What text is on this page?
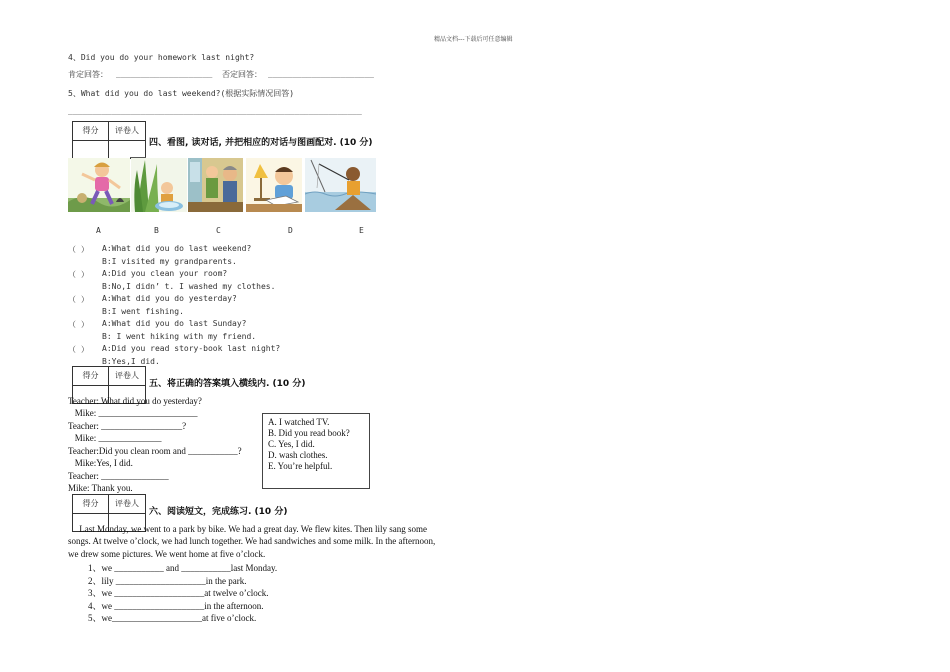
精品文档---下载后可任意编辑
4、Did you do your homework last night?
肯定回答： ____________________ 否定回答： ______________________
5、What did you do last weekend?(根据实际情况回答)
_____________________________________________________________
得分	评卷人
四、看图, 读对话, 并把相应的对话与图画配对. (10 分)
A	B	C	D	E
（ ） A:What did you do last weekend?
B:I visited my grandparents.
（ ） A:Did you clean your room?
B:No,I didn’ t. I washed my clothes.
（ ） A:What did you do yesterday?
B:I went fishing.
（ ） A:What did you do last Sunday?
B: I went hiking with my friend.
（ ） A:Did you read story-book last night?
B:Yes,I did.
得分	评卷人
五、将正确的答案填入横线内. (10 分)
Teacher: What did you do yesterday?
Mike: ______________________
Teacher: __________________?
Mike: ______________
Teacher:Did you clean room and ___________?
Mike:Yes, I did.
Teacher: _______________
Mike: Thank you.
A. I watched TV.
B. Did you read book?
C. Yes, I did.
D. wash clothes.
E. You’re helpful.
得分	评卷人
六、阅读短文，完成练习. (10 分)
Last Monday, we went to a park by bike. We had a great day. We flew kites. Then lily sang some
songs. At twelve o’clock, we had lunch together. We had sandwiches and some milk. In the afternoon,
we drew some pictures. We went home at five o’clock.
1、we ___________ and ___________last Monday.
2、lily ____________________in the park.
3、we ____________________at twelve o’clock.
4、we ____________________in the afternoon.
5、we____________________at five o’clock.
